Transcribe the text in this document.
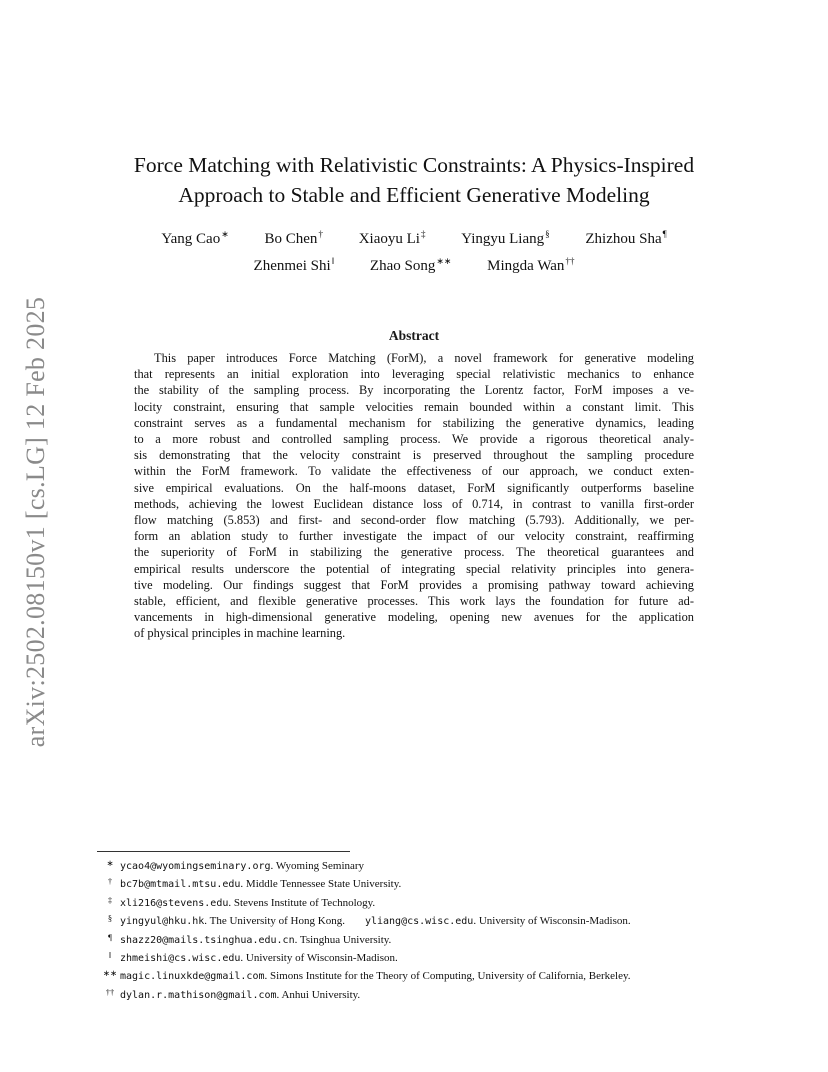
arXiv:2502.08150v1 [cs.LG] 12 Feb 2025
Force Matching with Relativistic Constraints: A Physics-Inspired Approach to Stable and Efficient Generative Modeling
Yang Cao∗ Bo Chen† Xiaoyu Li‡ Yingyu Liang§ Zhizhou Sha¶
Zhenmei Shi$^ǁ$ Zhao Song∗∗ Mingda Wan††
Abstract
This paper introduces Force Matching (ForM), a novel framework for generative modeling
that represents an initial exploration into leveraging special relativistic mechanics to enhance
the stability of the sampling process. By incorporating the Lorentz factor, ForM imposes a ve-
locity constraint, ensuring that sample velocities remain bounded within a constant limit. This
constraint serves as a fundamental mechanism for stabilizing the generative dynamics, leading
to a more robust and controlled sampling process. We provide a rigorous theoretical analy-
sis demonstrating that the velocity constraint is preserved throughout the sampling procedure
within the ForM framework. To validate the effectiveness of our approach, we conduct exten-
sive empirical evaluations. On the half-moons dataset, ForM significantly outperforms baseline
methods, achieving the lowest Euclidean distance loss of 0.714, in contrast to vanilla first-order
flow matching (5.853) and first- and second-order flow matching (5.793). Additionally, we per-
form an ablation study to further investigate the impact of our velocity constraint, reaffirming
the superiority of ForM in stabilizing the generative process. The theoretical guarantees and
empirical results underscore the potential of integrating special relativity principles into genera-
tive modeling. Our findings suggest that ForM provides a promising pathway toward achieving
stable, efficient, and flexible generative processes. This work lays the foundation for future ad-
vancements in high-dimensional generative modeling, opening new avenues for the application
of physical principles in machine learning.
∗ ycao4@wyomingseminary.org. Wyoming Seminary
† bc7b@mtmail.mtsu.edu. Middle Tennessee State University.
‡ xli216@stevens.edu. Stevens Institute of Technology.
§ yingyul@hku.hk. The University of Hong Kong. yliang@cs.wisc.edu. University of Wisconsin-Madison.
¶ shazz20@mails.tsinghua.edu.cn. Tsinghua University.
ǁ zhmeishi@cs.wisc.edu. University of Wisconsin-Madison.
∗∗ magic.linuxkde@gmail.com. Simons Institute for the Theory of Computing, University of California, Berkeley.
†† dylan.r.mathison@gmail.com. Anhui University.
